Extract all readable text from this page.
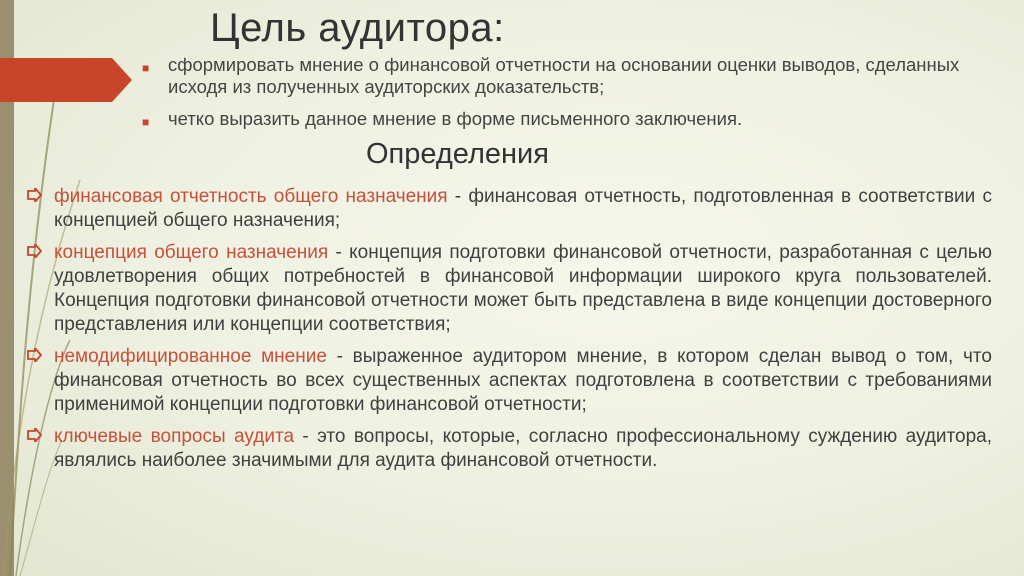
Цель аудитора:
■ сформировать мнение о финансовой отчетности на основании оценки выводов, сделанных исходя из полученных аудиторских доказательств;
■ четко выразить данное мнение в форме письменного заключения.
Определения
финансовая отчетность общего назначения - финансовая отчетность, подготовленная в соответствии с концепцией общего назначения;
концепция общего назначения - концепция подготовки финансовой отчетности, разработанная с целью удовлетворения общих потребностей в финансовой информации широкого круга пользователей. Концепция подготовки финансовой отчетности может быть представлена в виде концепции достоверного представления или концепции соответствия;
немодифицированное мнение - выраженное аудитором мнение, в котором сделан вывод о том, что финансовая отчетность во всех существенных аспектах подготовлена в соответствии с требованиями применимой концепции подготовки финансовой отчетности;
ключевые вопросы аудита - это вопросы, которые, согласно профессиональному суждению аудитора, являлись наиболее значимыми для аудита финансовой отчетности.
